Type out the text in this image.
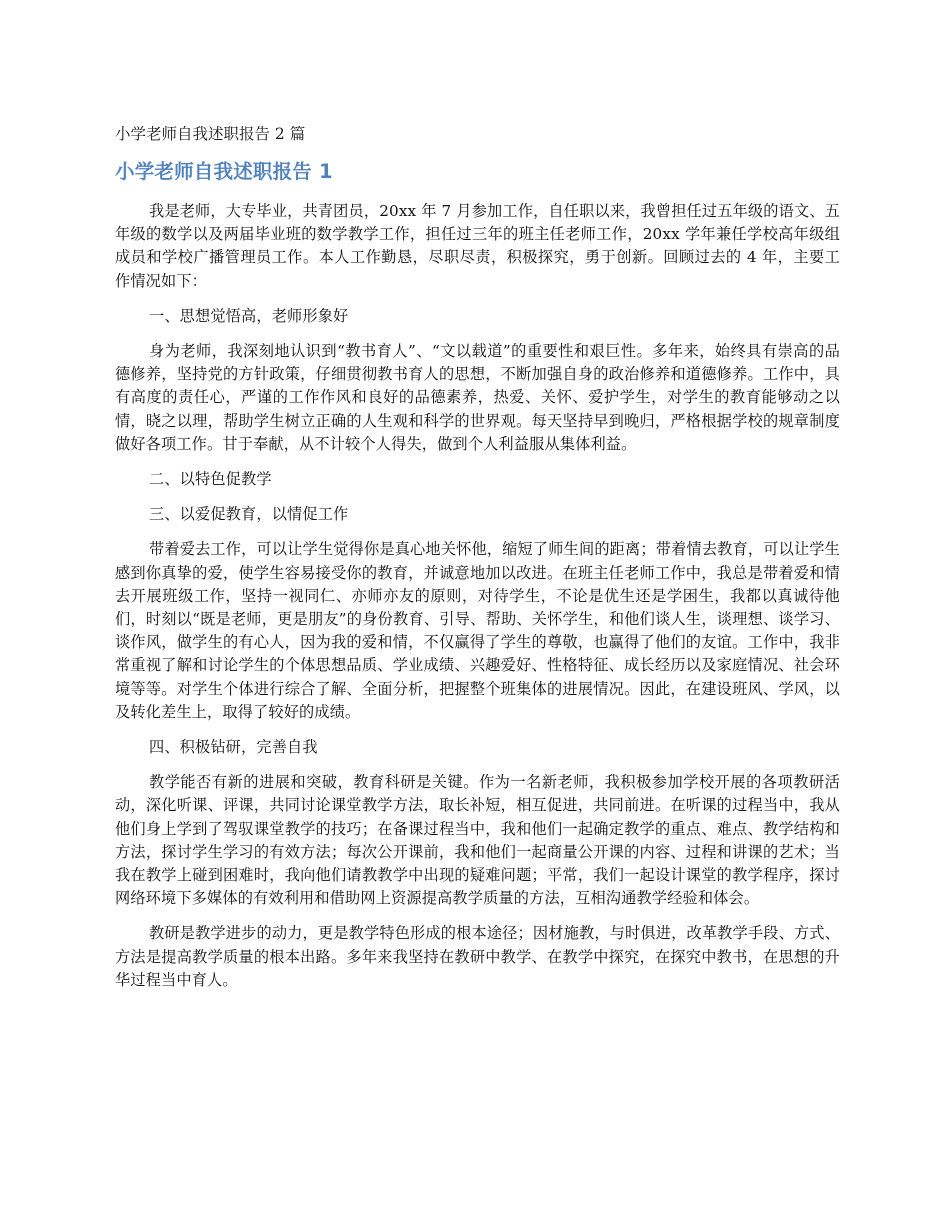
小学老师自我述职报告 2 篇
小学老师自我述职报告 1

我是老师，大专毕业，共青团员，20xx 年 7 月参加工作，自任职以来，我曾担任过五年级的语文、五年级的数学以及两届毕业班的数学教学工作，担任过三年的班主任老师工作，20xx 学年兼任学校高年级组成员和学校广播管理员工作。本人工作勤恳，尽职尽责，积极探究，勇于创新。回顾过去的 4 年，主要工作情况如下：

一、思想觉悟高，老师形象好

身为老师，我深刻地认识到“教书育人”、“文以载道”的重要性和艰巨性。多年来，始终具有崇高的品德修养，坚持党的方针政策，仔细贯彻教书育人的思想，不断加强自身的政治修养和道德修养。工作中，具有高度的责任心，严谨的工作作风和良好的品德素养，热爱、关怀、爱护学生，对学生的教育能够动之以情，晓之以理，帮助学生树立正确的人生观和科学的世界观。每天坚持早到晚归，严格根据学校的规章制度做好各项工作。甘于奉献，从不计较个人得失，做到个人利益服从集体利益。

二、以特色促教学

三、以爱促教育，以情促工作

带着爱去工作，可以让学生觉得你是真心地关怀他，缩短了师生间的距离；带着情去教育，可以让学生感到你真挚的爱，使学生容易接受你的教育，并诚意地加以改进。在班主任老师工作中，我总是带着爱和情去开展班级工作，坚持一视同仁、亦师亦友的原则，对待学生，不论是优生还是学困生，我都以真诚待他们，时刻以“既是老师，更是朋友”的身份教育、引导、帮助、关怀学生，和他们谈人生，谈理想、谈学习、谈作风，做学生的有心人，因为我的爱和情，不仅赢得了学生的尊敬，也赢得了他们的友谊。工作中，我非常重视了解和讨论学生的个体思想品质、学业成绩、兴趣爱好、性格特征、成长经历以及家庭情况、社会环境等等。对学生个体进行综合了解、全面分析，把握整个班集体的进展情况。因此，在建设班风、学风，以及转化差生上，取得了较好的成绩。

四、积极钻研，完善自我

教学能否有新的进展和突破，教育科研是关键。作为一名新老师，我积极参加学校开展的各项教研活动，深化听课、评课，共同讨论课堂教学方法，取长补短，相互促进，共同前进。在听课的过程当中，我从他们身上学到了驾驭课堂教学的技巧；在备课过程当中，我和他们一起确定教学的重点、难点、教学结构和方法，探讨学生学习的有效方法；每次公开课前，我和他们一起商量公开课的内容、过程和讲课的艺术；当我在教学上碰到困难时，我向他们请教教学中出现的疑难问题；平常，我们一起设计课堂的教学程序，探讨网络环境下多媒体的有效利用和借助网上资源提高教学质量的方法，互相沟通教学经验和体会。

教研是教学进步的动力，更是教学特色形成的根本途径；因材施教，与时俱进，改革教学手段、方式、方法是提高教学质量的根本出路。多年来我坚持在教研中教学、在教学中探究，在探究中教书，在思想的升华过程当中育人。
